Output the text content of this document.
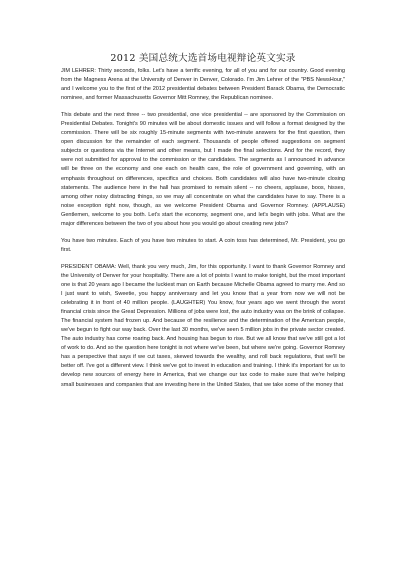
2012 美国总统大选首场电视辩论英文实录

JIM LEHRER: Thirty seconds, folks. Let's have a terrific evening, for all of you and for our country. Good evening from the Magness Arena at the University of Denver in Denver, Colorado. I'm Jim Lehrer of the "PBS NewsHour," and I welcome you to the first of the 2012 presidential debates between President Barack Obama, the Democratic nominee, and former Massachusetts Governor Mitt Romney, the Republican nominee.

This debate and the next three -- two presidential, one vice presidential -- are sponsored by the Commission on Presidential Debates. Tonight's 90 minutes will be about domestic issues and will follow a format designed by the commission. There will be six roughly 15-minute segments with two-minute answers for the first question, then open discussion for the remainder of each segment. Thousands of people offered suggestions on segment subjects or questions via the Internet and other means, but I made the final selections. And for the record, they were not submitted for approval to the commission or the candidates. The segments as I announced in advance will be three on the economy and one each on health care, the role of government and governing, with an emphasis throughout on differences, specifics and choices. Both candidates will also have two-minute closing statements. The audience here in the hall has promised to remain silent -- no cheers, applause, boos, hisses, among other noisy distracting things, so we may all concentrate on what the candidates have to say. There is a noise exception right now, though, as we welcome President Obama and Governor Romney. (APPLAUSE) Gentlemen, welcome to you both. Let's start the economy, segment one, and let's begin with jobs. What are the major differences between the two of you about how you would go about creating new jobs?

You have two minutes. Each of you have two minutes to start. A coin toss has determined, Mr. President, you go first.

PRESIDENT OBAMA: Well, thank you very much, Jim, for this opportunity. I want to thank Governor Romney and the University of Denver for your hospitality. There are a lot of points I want to make tonight, but the most important one is that 20 years ago I became the luckiest man on Earth because Michelle Obama agreed to marry me. And so I just want to wish, Sweetie, you happy anniversary and let you know that a year from now we will not be celebrating it in front of 40 million people. (LAUGHTER) You know, four years ago we went through the worst financial crisis since the Great Depression. Millions of jobs were lost, the auto industry was on the brink of collapse. The financial system had frozen up. And because of the resilience and the determination of the American people, we've begun to fight our way back. Over the last 30 months, we've seen 5 million jobs in the private sector created. The auto industry has come roaring back. And housing has begun to rise. But we all know that we've still got a lot of work to do. And so the question here tonight is not where we've been, but where we're going. Governor Romney has a perspective that says if we cut taxes, skewed towards the wealthy, and roll back regulations, that we'll be better off. I've got a different view. I think we've got to invest in education and training. I think it's important for us to develop new sources of energy here in America, that we change our tax code to make sure that we're helping small businesses and companies that are investing here in the United States, that we take some of the money that
